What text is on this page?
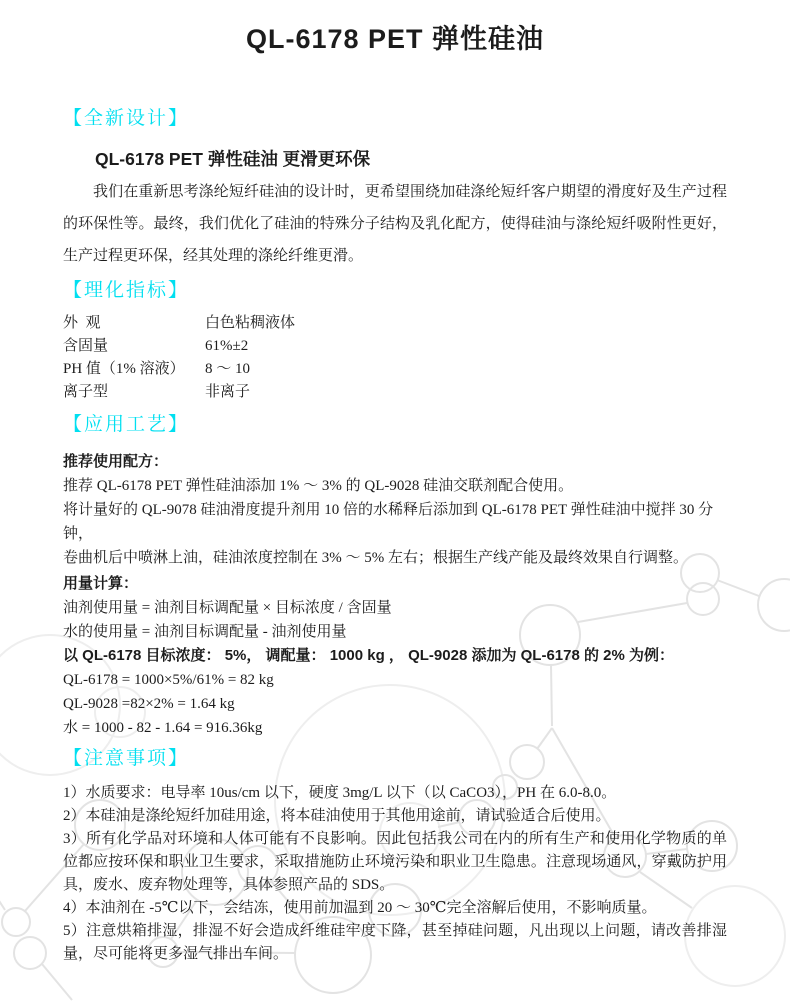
QL-6178 PET 弹性硅油
【全新设计】
QL-6178 PET 弹性硅油 更滑更环保

我们在重新思考涤纶短纤硅油的设计时，更希望围绕加硅涤纶短纤客户期望的滑度好及生产过程的环保性等。最终，我们优化了硅油的特殊分子结构及乳化配方，使得硅油与涤纶短纤吸附性更好，生产过程更环保，经其处理的涤纶纤维更滑。

【理化指标】
外  观	白色粘稠液体
含固量	61%±2
PH 值（1% 溶液） 8 ～ 10
离子型	非离子
【应用工艺】
推荐使用配方：
推荐 QL-6178 PET 弹性硅油添加 1% ～ 3% 的 QL-9028 硅油交联剂配合使用。
将计量好的 QL-9078 硅油滑度提升剂用 10 倍的水稀释后添加到 QL-6178 PET 弹性硅油中搅拌 30 分钟，
卷曲机后中喷淋上油，硅油浓度控制在 3% ～ 5% 左右；根据生产线产能及最终效果自行调整。
用量计算：
油剂使用量 = 油剂目标调配量 × 目标浓度 / 含固量
水的使用量 = 油剂目标调配量 - 油剂使用量
以 QL-6178 目标浓度： 5%， 调配量： 1000 kg ， QL-9028 添加为 QL-6178 的 2% 为例：
QL-6178 = 1000×5%/61% = 82 kg
QL-9028 =82×2% = 1.64 kg
水 = 1000 - 82 - 1.64 = 916.36kg
【注意事项】
1）水质要求：电导率 10us/cm 以下，硬度 3mg/L 以下（以 CaCO3），PH 在 6.0-8.0。
2）本硅油是涤纶短纤加硅用途，将本硅油使用于其他用途前，请试验适合后使用。
3）所有化学品对环境和人体可能有不良影响。因此包括我公司在内的所有生产和使用化学物质的单位都应按环保和职业卫生要求，采取措施防止环境污染和职业卫生隐患。注意现场通风，穿戴防护用具，废水、废弃物处理等，具体参照产品的 SDS。
4）本油剂在 -5℃以下，会结冻，使用前加温到 20 ～ 30℃完全溶解后使用，不影响质量。
5）注意烘箱排湿，排湿不好会造成纤维硅牢度下降，甚至掉硅问题，凡出现以上问题，请改善排湿量，尽可能将更多湿气排出车间。
